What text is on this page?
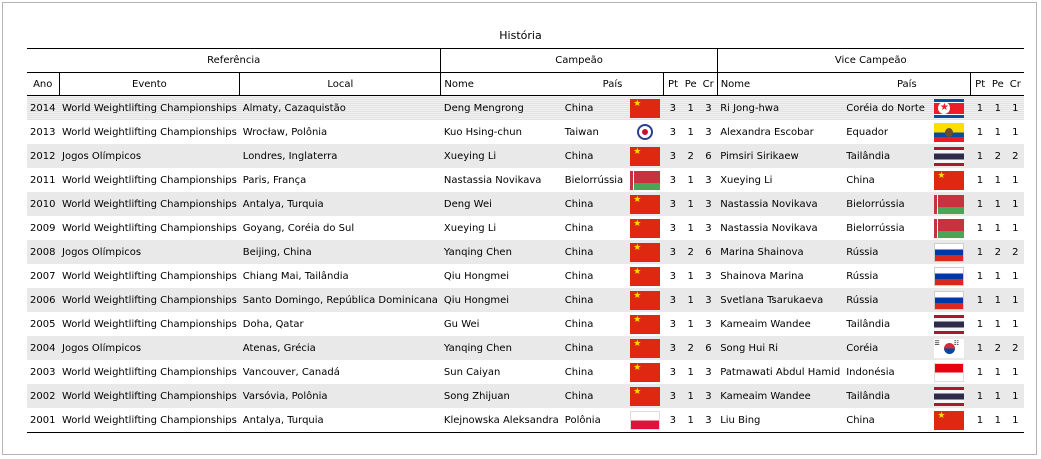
História
Referência			Campeão						Vice Campeão					
Ano	Evento	Local	Nome	País		Pt	Pe	Cr	Nome	País		Pt	Pe	Cr
2014	World Weightlifting Championships	Almaty, Cazaquistão	Deng Mengrong	China	★	3	1	3	Ri Jong-hwa	Coréia do Norte	★	1	1	1
2013	World Weightlifting Championships	Wrocław, Polônia	Kuo Hsing-chun	Taiwan		3	1	3	Alexandra Escobar	Equador		1	1	1
2012	Jogos Olímpicos	Londres, Inglaterra	Xueying Li	China	★	3	2	6	Pimsiri Sirikaew	Tailândia		1	2	2
2011	World Weightlifting Championships	Paris, França	Nastassia Novikava	Bielorrússia		3	1	3	Xueying Li	China	★	1	1	1
2010	World Weightlifting Championships	Antalya, Turquia	Deng Wei	China	★	3	1	3	Nastassia Novikava	Bielorrússia		1	1	1
2009	World Weightlifting Championships	Goyang, Coréia do Sul	Xueying Li	China	★	3	1	3	Nastassia Novikava	Bielorrússia		1	1	1
2008	Jogos Olímpicos	Beijing, China	Yanqing Chen	China	★	3	2	6	Marina Shainova	Rússia		1	2	2
2007	World Weightlifting Championships	Chiang Mai, Tailândia	Qiu Hongmei	China	★	3	1	3	Shainova Marina	Rússia		1	1	1
2006	World Weightlifting Championships	Santo Domingo, República Dominicana	Qiu Hongmei	China	★	3	1	3	Svetlana Tsarukaeva	Rússia		1	1	1
2005	World Weightlifting Championships	Doha, Qatar	Gu Wei	China	★	3	1	3	Kameaim Wandee	Tailândia		1	1	1
2004	Jogos Olímpicos	Atenas, Grécia	Yanqing Chen	China	★	3	2	6	Song Hui Ri	Coréia	☰☷	1	2	2
2003	World Weightlifting Championships	Vancouver, Canadá	Sun Caiyan	China	★	3	1	3	Patmawati Abdul Hamid	Indonésia		1	1	1
2002	World Weightlifting Championships	Varsóvia, Polônia	Song Zhijuan	China	★	3	1	3	Kameaim Wandee	Tailândia		1	1	1
2001	World Weightlifting Championships	Antalya, Turquia	Klejnowska Aleksandra	Polônia		3	1	3	Liu Bing	China	★	1	1	1
